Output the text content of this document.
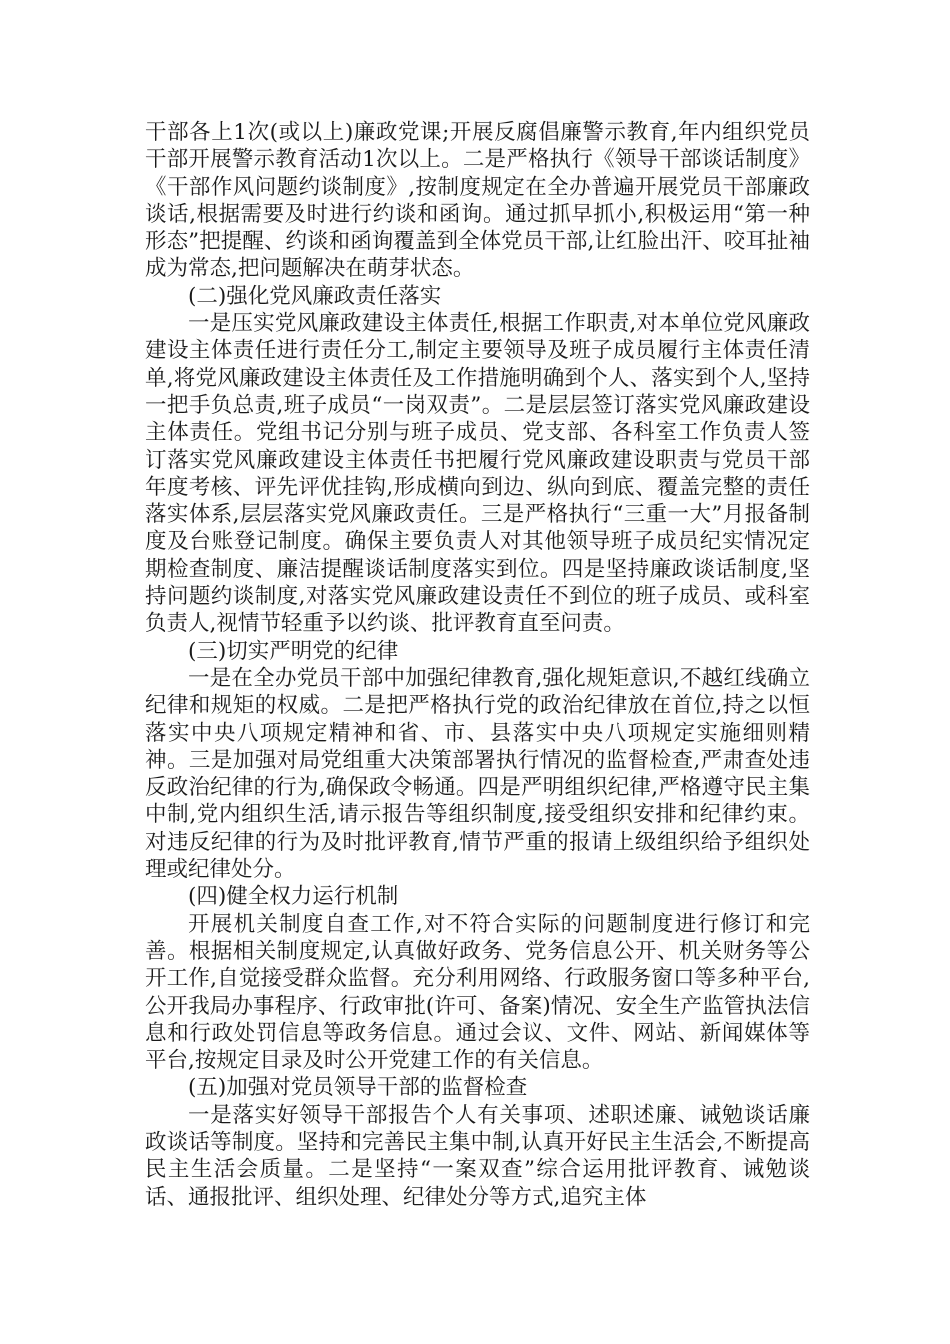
干部各上1次(或以上)廉政党课;开展反腐倡廉警示教育,年内组织党员干部开展警示教育活动1次以上。二是严格执行《领导干部谈话制度》《干部作风问题约谈制度》,按制度规定在全办普遍开展党员干部廉政谈话,根据需要及时进行约谈和函询。通过抓早抓小,积极运用“第一种形态”把提醒、约谈和函询覆盖到全体党员干部,让红脸出汗、咬耳扯袖成为常态,把问题解决在萌芽状态。

(二)强化党风廉政责任落实

一是压实党风廉政建设主体责任,根据工作职责,对本单位党风廉政建设主体责任进行责任分工,制定主要领导及班子成员履行主体责任清单,将党风廉政建设主体责任及工作措施明确到个人、落实到个人,坚持一把手负总责,班子成员“一岗双责”。二是层层签订落实党风廉政建设主体责任。党组书记分别与班子成员、党支部、各科室工作负责人签订落实党风廉政建设主体责任书把履行党风廉政建设职责与党员干部年度考核、评先评优挂钩,形成横向到边、纵向到底、覆盖完整的责任落实体系,层层落实党风廉政责任。三是严格执行“三重一大”月报备制度及台账登记制度。确保主要负责人对其他领导班子成员纪实情况定期检查制度、廉洁提醒谈话制度落实到位。四是坚持廉政谈话制度,坚持问题约谈制度,对落实党风廉政建设责任不到位的班子成员、或科室负责人,视情节轻重予以约谈、批评教育直至问责。

(三)切实严明党的纪律

一是在全办党员干部中加强纪律教育,强化规矩意识,不越红线确立纪律和规矩的权威。二是把严格执行党的政治纪律放在首位,持之以恒落实中央八项规定精神和省、市、县落实中央八项规定实施细则精神。三是加强对局党组重大决策部署执行情况的监督检查,严肃查处违反政治纪律的行为,确保政令畅通。四是严明组织纪律,严格遵守民主集中制,党内组织生活,请示报告等组织制度,接受组织安排和纪律约束。对违反纪律的行为及时批评教育,情节严重的报请上级组织给予组织处理或纪律处分。

(四)健全权力运行机制

开展机关制度自查工作,对不符合实际的问题制度进行修订和完善。根据相关制度规定,认真做好政务、党务信息公开、机关财务等公开工作,自觉接受群众监督。充分利用网络、行政服务窗口等多种平台,公开我局办事程序、行政审批(许可、备案)情况、安全生产监管执法信息和行政处罚信息等政务信息。通过会议、文件、网站、新闻媒体等平台,按规定目录及时公开党建工作的有关信息。

(五)加强对党员领导干部的监督检查

一是落实好领导干部报告个人有关事项、述职述廉、诫勉谈话廉政谈话等制度。坚持和完善民主集中制,认真开好民主生活会,不断提高民主生活会质量。二是坚持“一案双查”综合运用批评教育、诫勉谈话、通报批评、组织处理、纪律处分等方式,追究主体
